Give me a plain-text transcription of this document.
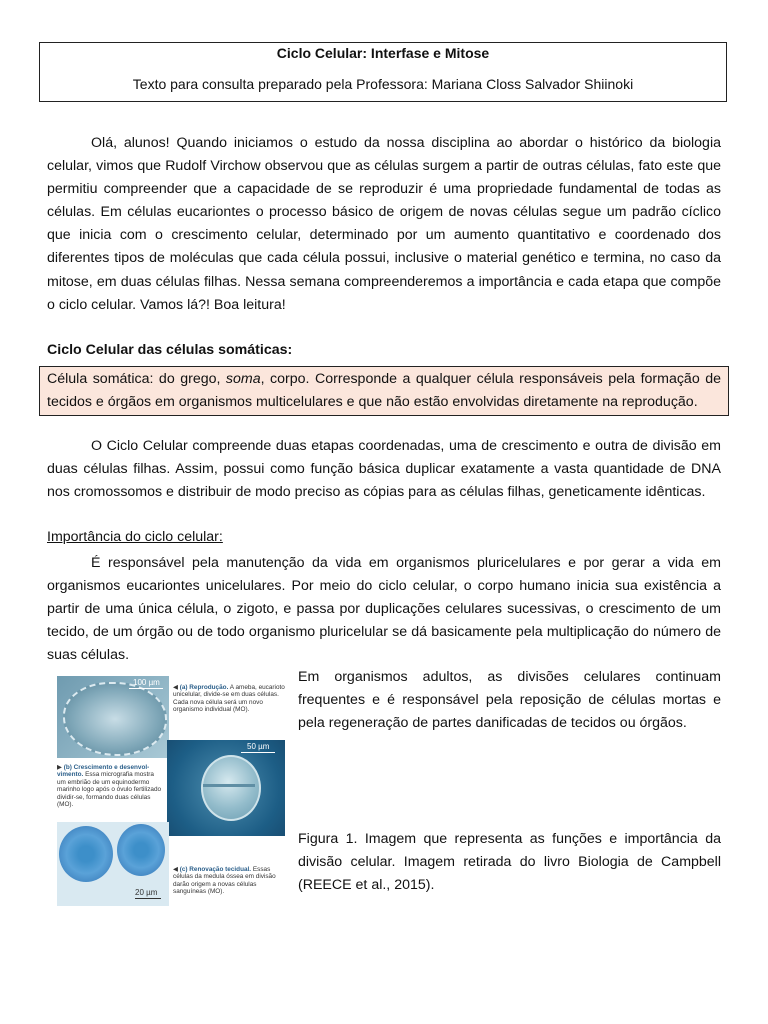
Ciclo Celular: Interfase e Mitose
Texto para consulta preparado pela Professora: Mariana Closs Salvador Shiinoki

Olá, alunos! Quando iniciamos o estudo da nossa disciplina ao abordar o histórico da biologia celular, vimos que Rudolf Virchow observou que as células surgem a partir de outras células, fato este que permitiu compreender que a capacidade de se reproduzir é uma propriedade fundamental de todas as células. Em células eucariontes o processo básico de origem de novas células segue um padrão cíclico que inicia com o crescimento celular, determinado por um aumento quantitativo e coordenado dos diferentes tipos de moléculas que cada célula possui, inclusive o material genético e termina, no caso da mitose, em duas células filhas. Nessa semana compreenderemos a importância e cada etapa que compõe o ciclo celular. Vamos lá?! Boa leitura!

Ciclo Celular das células somáticas:

Célula somática: do grego, soma, corpo. Corresponde a qualquer célula responsáveis pela formação de tecidos e órgãos em organismos multicelulares e que não estão envolvidas diretamente na reprodução.

O Ciclo Celular compreende duas etapas coordenadas, uma de crescimento e outra de divisão em duas células filhas. Assim, possui como função básica duplicar exatamente a vasta quantidade de DNA nos cromossomos e distribuir de modo preciso as cópias para as células filhas, geneticamente idênticas.

Importância do ciclo celular:

É responsável pela manutenção da vida em organismos pluricelulares e por gerar a vida em organismos eucariontes unicelulares. Por meio do ciclo celular, o corpo humano inicia sua existência a partir de uma única célula, o zigoto, e passa por duplicações celulares sucessivas, o crescimento de um tecido, de um órgão ou de todo organismo pluricelular se dá basicamente pela multiplicação do número de suas células.

Em organismos adultos, as divisões celulares continuam frequentes e é responsável pela reposição de células mortas e pela regeneração de partes danificadas de tecidos ou órgãos.

100 µm
◀ (a) Reprodução. A ameba, eucarioto unicelular, divide-se em duas células. Cada nova célula será um novo organismo individual (MO).
50 µm
▶ (b) Crescimento e desenvol-vimento. Essa micrografia mostra um embrião de um equinodermo marinho logo após o óvulo fertilizado dividir-se, formando duas células (MO).
20 µm
◀ (c) Renovação tecidual. Essas células da medula óssea em divisão darão origem a novas células sanguíneas (MO).

Figura 1. Imagem que representa as funções e importância da divisão celular. Imagem retirada do livro Biologia de Campbell (REECE et al., 2015).
